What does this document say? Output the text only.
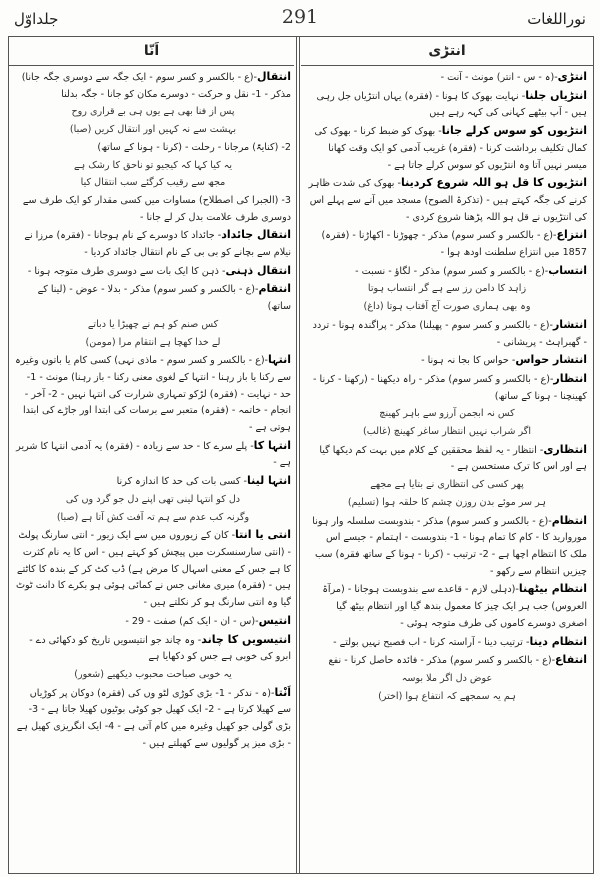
جلداوّل	291	نوراللغات
اَنّا	انتڑی
انتقال-(ع - بالکسر و کسر سوم - ایک جگہ سے دوسری جگہ جانا) مذکر - 1- نقل و حرکت - دوسرے مکان کو جانا - جگہ بدلنا
پس از فنا بھی ہے یوں ہی بے قراری روح
بہشت سے نہ کہیں اور انتقال کریں (صبا)
2- (کنایۃً) مرجانا - رحلت - (کرنا - ہونا کے ساتھ)
یہ کیا کہا کہ کیجیو تو ناحق کا رشک ہے
مجھ سے رقیب کرگئے سب انتقال کیا
3- (الجبرا کی اصطلاح) مساوات میں کسی مقدار کو ایک طرف سے دوسری طرف علامت بدل کر لے جانا -
انتقال جائداد- جائداد کا دوسرے کے نام ہوجانا - (فقرہ) مرزا نے نیلام سے بچانے کو بی بی کے نام انتقال جائداد کردیا -
انتقال ذہنی- ذہن کا ایک بات سے دوسری طرف متوجہ ہونا -
انتقام-(ع - بالکسر و کسر سوم) مذکر - بدلا - عوض - (لینا کے ساتھ)
کس صنم کو ہم نے چھیڑا یا دباتے
لے خدا کھچا ہے انتقام مرا (مومن)
انتہا-(ع - بالکسر و کسر سوم - ماذی نہی) کسی کام یا باتوں وغیرہ سے رکنا یا باز رہنا - انتہا کے لغوی معنی رکنا - باز رہنا) مونث - 1- حد - نہایت - (فقرہ) لڑکو تمہاری شرارت کی انتہا نہیں - 2- آخر - انجام - خاتمہ - (فقرہ) متعبر سے برسات کی ابتدا اور جاڑے کی ابتدا ہوتی ہے -
انتہا کا- پلے سرے کا - حد سے زیادہ - (فقرہ) یہ آدمی انتہا کا شریر ہے -
انتہا لینا- کسی بات کی حد کا اندازہ کرنا
دل کو انتہا لینی تھی اپنے دل جو گرد وں کی
وگرنہ کب عدم سے ہم تہ آفت کش آتا ہے (صبا)
انتی یا انتا- کان کے زیوروں میں سے ایک زیور - انتی سارنگ پولٹ - (انتی سارسنسکرت میں پیچش کو کہتے ہیں - اس کا یہ نام کثرت کا ہے جس کے معنی اسہال کا مرض ہے) ڈب کٹ کر کے بندہ کا کاٹتے ہیں - (فقرہ) میری مغانی جس نے کمائی ہوئی ہو بکرے کا دانت ٹوٹ گیا وہ انتی سارنگ ہو کر نکلتے ہیں -
انتیس-(س - ان - ایک کم) صفت - 29 -
انتیسویں کا چاند- وہ چاند جو انتیسویں تاریخ کو دکھائی دے - ابرو کی خوبی ہے جس کو دکھایا ہے
یہ خوبی صباحت محبوب دیکھیے (شعور)
اَنْتا-(ہ - ندکر - 1- بڑی کوڑی لٹو وں کی (فقرہ) دوکان پر کوڑیاں سے کھیلا کرتا ہے - 2- ایک کھیل جو کوٹی بوٹیوں کھیلا جاتا ہے - 3- بڑی گولی جو کھیل وغیرہ میں کام آتی ہے - 4- ایک انگریزی کھیل ہے - بڑی میز پر گولیوں سے کھیلتے ہیں -
انتڑی-(ہ - س - انتر) مونث - آنت -
انتڑیاں جلنا- نہایت بھوک کا ہونا - (فقرہ) یہاں انتڑیاں جل رہی ہیں - آپ بیٹھے کہانی کی کہہ رہے ہیں
انتڑیوں کو سوس کرلے جانا- بھوک کو ضبط کرنا - بھوک کی کمال تکلیف برداشت کرنا - (فقرہ) غریب آدمی کو ایک وقت کھانا میسر نہیں آتا وہ انتڑیوں کو سوس کرلے جاتا ہے -
انتڑیوں کا قل ہو اللہ شروع کردینا- بھوک کی شدت ظاہر کرنے کی جگہ کہتے ہیں - (تذکرۃ الصوح) مسجد میں آنے سے پہلے اس کی انتڑیوں نے قل ہو اللہ پڑھنا شروع کردی -
انتزاع-(ع - بالکسر و کسر سوم) مذکر - چھوڑنا - اکھاڑنا - (فقرہ) 1857 میں انتزاع سلطنت اودھ ہوا -
انتساب-(ع - بالکسر و کسر سوم) مذکر - لگاؤ - نسبت -
زاہد کا دامن رز سے ہے گر انتساب ہوتا
وہ بھی ہماری صورت آج آفتاب ہوتا (داغ)
انتشار-(ع - بالکسر و کسر سوم - پھیلنا) مذکر - پراگندہ ہونا - تردد - گھبراہٹ - پریشانی -
انتشار حواس- حواس کا بجا نہ ہونا -
انتظار-(ع - بالکسر و کسر سوم) مذکر - راہ دیکھنا - (رکھنا - کرنا - کھینچنا - ہونا کے ساتھ)
کس نہ ابجمن آرزو سے باہر کھینچ
اگر شراب نہیں انتظار ساغر کھینچ (غالب)
انتظاری- انتظار - یہ لفظ محققین کے کلام میں بہت کم دیکھا گیا ہے اور اس کا ترک مستحسن ہے -
پھر کسی کی انتظاری نے بتایا ہے مجھے
ہر سر موئے بدن روزن چشم کا حلقہ ہوا (تسلیم)
انتظام-(ع - بالکسر و کسر سوم) مذکر - بندوبست سلسلہ وار ہونا موروارید کا - کام کا تمام ہونا - 1- بندوبست - اہتمام - جیسے اس ملک کا انتظام اچھا ہے - 2- ترتیب - (کرنا - ہونا کے ساتھ فقرہ) سب چیزیں انتظام سے رکھو -
انتظام بیٹھنا-(دہلی لازم - قاعدے سے بندوبست ہوجانا - (مرآۃ العروس) جب ہر ایک چیز کا معمول بندھ گیا اور انتظام بیٹھ گیا اصغری دوسرے کاموں کی طرف متوجہ ہوئی -
انتظام دینا- ترتیب دینا - آراستہ کرنا - اب فصیح نہیں بولتے -
انتفاع-(ع - بالکسر و کسر سوم) مذکر - فائدہ حاصل کرنا - نفع
عوض دل اگر ملا بوسہ
ہم یہ سمجھے کہ انتفاع ہوا (اختر)
